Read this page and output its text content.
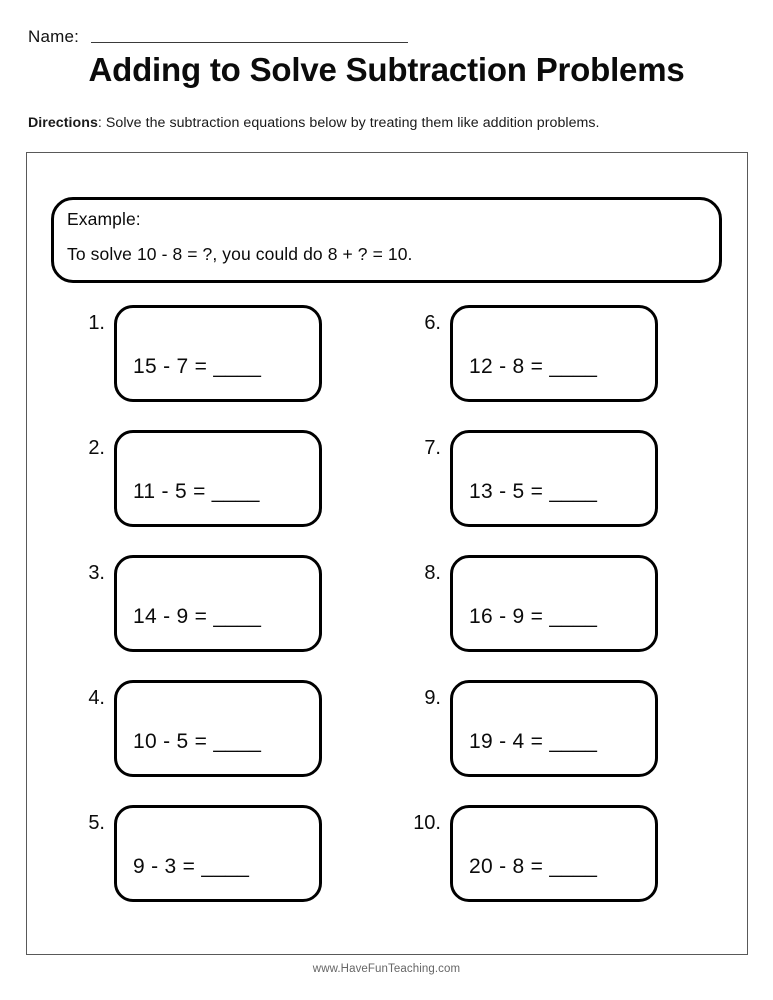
Name:
Adding to Solve Subtraction Problems
Directions: Solve the subtraction equations below by treating them like addition problems.
Example:
To solve 10 - 8 = ?, you could do 8 + ? = 10.
1.
15 - 7 = ____
2.
11 - 5 = ____
3.
14 - 9 = ____
4.
10 - 5 = ____
5.
9 - 3 = ____
6.
12 - 8 = ____
7.
13 - 5 = ____
8.
16 - 9 = ____
9.
19 - 4 = ____
10.
20 - 8 = ____
www.HaveFunTeaching.com
